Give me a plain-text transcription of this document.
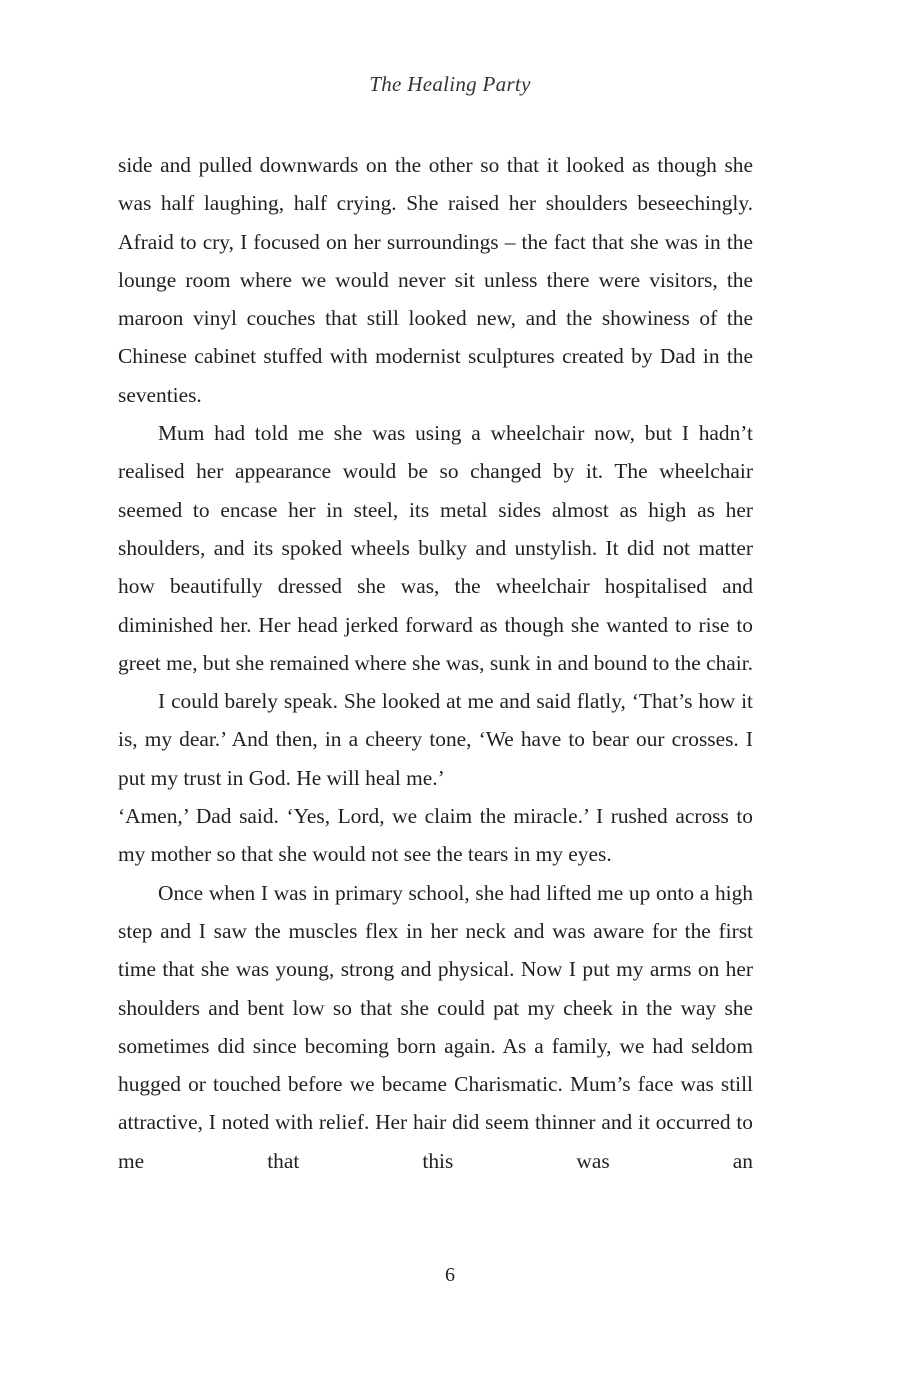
The Healing Party

side and pulled downwards on the other so that it looked as though she was half laughing, half crying. She raised her shoulders beseechingly. Afraid to cry, I focused on her surroundings – the fact that she was in the lounge room where we would never sit unless there were visitors, the maroon vinyl couches that still looked new, and the showiness of the Chinese cabinet stuffed with modernist sculptures created by Dad in the seventies.

Mum had told me she was using a wheelchair now, but I hadn’t realised her appearance would be so changed by it. The wheelchair seemed to encase her in steel, its metal sides almost as high as her shoulders, and its spoked wheels bulky and unstylish. It did not matter how beautifully dressed she was, the wheelchair hospitalised and diminished her. Her head jerked forward as though she wanted to rise to greet me, but she remained where she was, sunk in and bound to the chair.

I could barely speak. She looked at me and said flatly, ‘That’s how it is, my dear.’ And then, in a cheery tone, ‘We have to bear our crosses. I put my trust in God. He will heal me.’

‘Amen,’ Dad said. ‘Yes, Lord, we claim the miracle.’ I rushed across to my mother so that she would not see the tears in my eyes.

Once when I was in primary school, she had lifted me up onto a high step and I saw the muscles flex in her neck and was aware for the first time that she was young, strong and physical. Now I put my arms on her shoulders and bent low so that she could pat my cheek in the way she sometimes did since becoming born again. As a family, we had seldom hugged or touched before we became Charismatic. Mum’s face was still attractive, I noted with relief. Her hair did seem thinner and it occurred to me that this was an

6
